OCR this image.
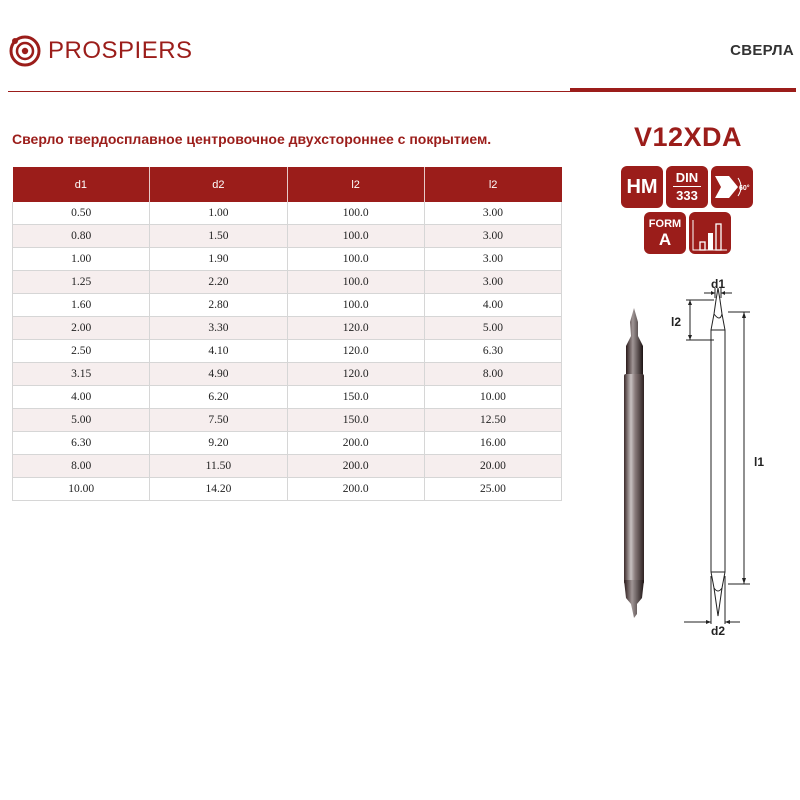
PROSPIERS	СВЕРЛА
Сверло твердосплавное центровочное двухстороннее с покрытием.	V12XDA
d1	d2	l2	l2
0.50	1.00	100.0	3.00
0.80	1.50	100.0	3.00
1.00	1.90	100.0	3.00
1.25	2.20	100.0	3.00
1.60	2.80	100.0	4.00
2.00	3.30	120.0	5.00
2.50	4.10	120.0	6.30
3.15	4.90	120.0	8.00
4.00	6.20	150.0	10.00
5.00	7.50	150.0	12.50
6.30	9.20	200.0	16.00
8.00	11.50	200.0	20.00
10.00	14.20	200.0	25.00
HM	DIN
333	60°
FORM
A
d1
l2
l1
d2
